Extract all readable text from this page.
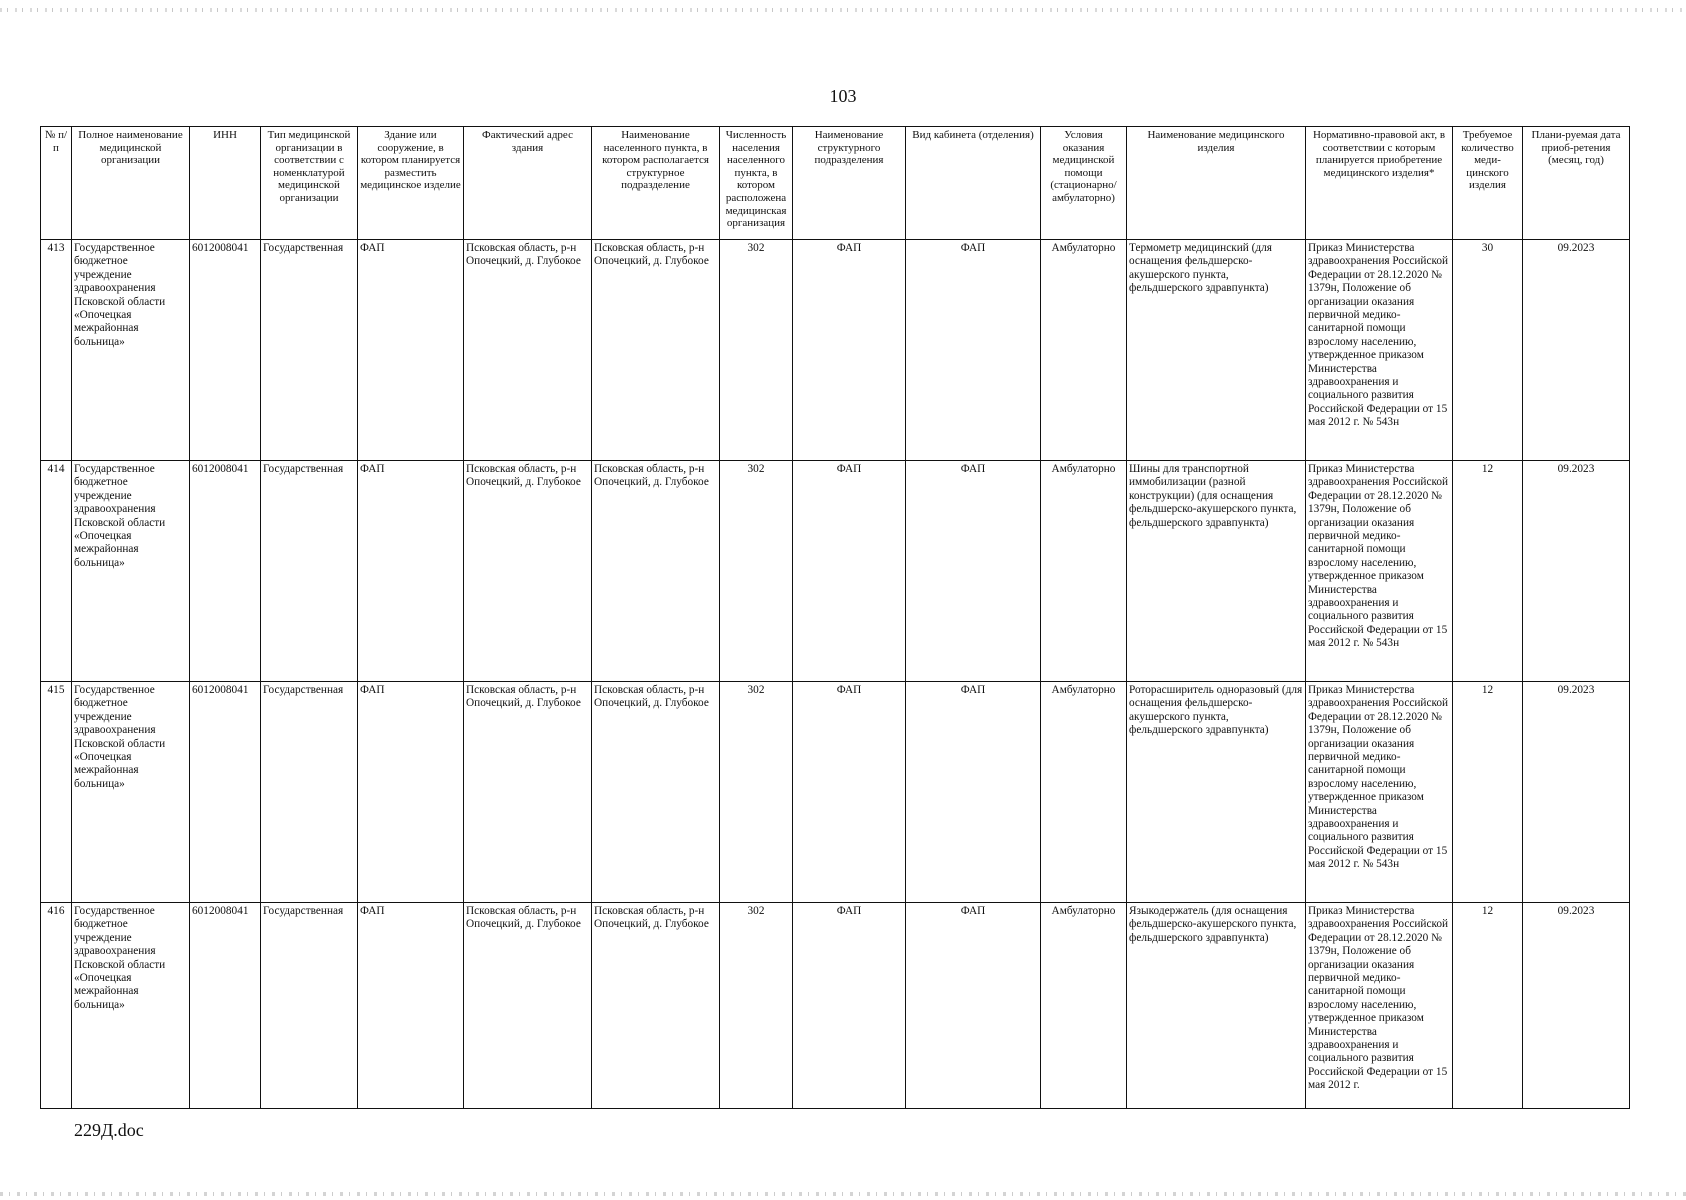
103
№ п/п	Полное наименование медицинской организации	ИНН	Тип медицинской организации в соответствии с номенклатурой медицинской организации	Здание или сооружение, в котором планируется разместить медицинское изделие	Фактический адрес здания	Наименование населенного пункта, в котором располагается структурное подразделение	Численность населения населенного пункта, в котором расположена медицинская организация	Наименование структурного подразделения	Вид кабинета (отделения)	Условия оказания медицинской помощи (стационарно/ амбулаторно)	Наименование медицинского изделия	Нормативно-правовой акт, в соответствии с которым планируется приобретение медицинского изделия*	Требуемое количество меди-цинского изделия	Плани-руемая дата приоб-ретения (месяц, год)
413	Государственное бюджетное учреждение здравоохранения Псковской области «Опочецкая межрайонная больница»	6012008041	Государственная	ФАП	Псковская область, р-н Опочецкий, д. Глубокое	Псковская область, р-н Опочецкий, д. Глубокое	302	ФАП	ФАП	Амбулаторно	Термометр медицинский (для оснащения фельдшерско-акушерского пункта, фельдшерского здравпункта)	Приказ Министерства здравоохранения Российской Федерации от 28.12.2020 № 1379н, Положение об организации оказания первичной медико-санитарной помощи взрослому населению, утвержденное приказом Министерства здравоохранения и социального развития Российской Федерации от 15 мая 2012 г. № 543н	30	09.2023
414	Государственное бюджетное учреждение здравоохранения Псковской области «Опочецкая межрайонная больница»	6012008041	Государственная	ФАП	Псковская область, р-н Опочецкий, д. Глубокое	Псковская область, р-н Опочецкий, д. Глубокое	302	ФАП	ФАП	Амбулаторно	Шины для транспортной иммобилизации (разной конструкции) (для оснащения фельдшерско-акушерского пункта, фельдшерского здравпункта)	Приказ Министерства здравоохранения Российской Федерации от 28.12.2020 № 1379н, Положение об организации оказания первичной медико-санитарной помощи взрослому населению, утвержденное приказом Министерства здравоохранения и социального развития Российской Федерации от 15 мая 2012 г. № 543н	12	09.2023
415	Государственное бюджетное учреждение здравоохранения Псковской области «Опочецкая межрайонная больница»	6012008041	Государственная	ФАП	Псковская область, р-н Опочецкий, д. Глубокое	Псковская область, р-н Опочецкий, д. Глубокое	302	ФАП	ФАП	Амбулаторно	Роторасширитель одноразовый (для оснащения фельдшерско-акушерского пункта, фельдшерского здравпункта)	Приказ Министерства здравоохранения Российской Федерации от 28.12.2020 № 1379н, Положение об организации оказания первичной медико-санитарной помощи взрослому населению, утвержденное приказом Министерства здравоохранения и социального развития Российской Федерации от 15 мая 2012 г. № 543н	12	09.2023
416	Государственное бюджетное учреждение здравоохранения Псковской области «Опочецкая межрайонная больница»	6012008041	Государственная	ФАП	Псковская область, р-н Опочецкий, д. Глубокое	Псковская область, р-н Опочецкий, д. Глубокое	302	ФАП	ФАП	Амбулаторно	Языкодержатель (для оснащения фельдшерско-акушерского пункта, фельдшерского здравпункта)	Приказ Министерства здравоохранения Российской Федерации от 28.12.2020 № 1379н, Положение об организации оказания первичной медико-санитарной помощи взрослому населению, утвержденное приказом Министерства здравоохранения и социального развития Российской Федерации от 15 мая 2012 г.	12	09.2023
229Д.doc
